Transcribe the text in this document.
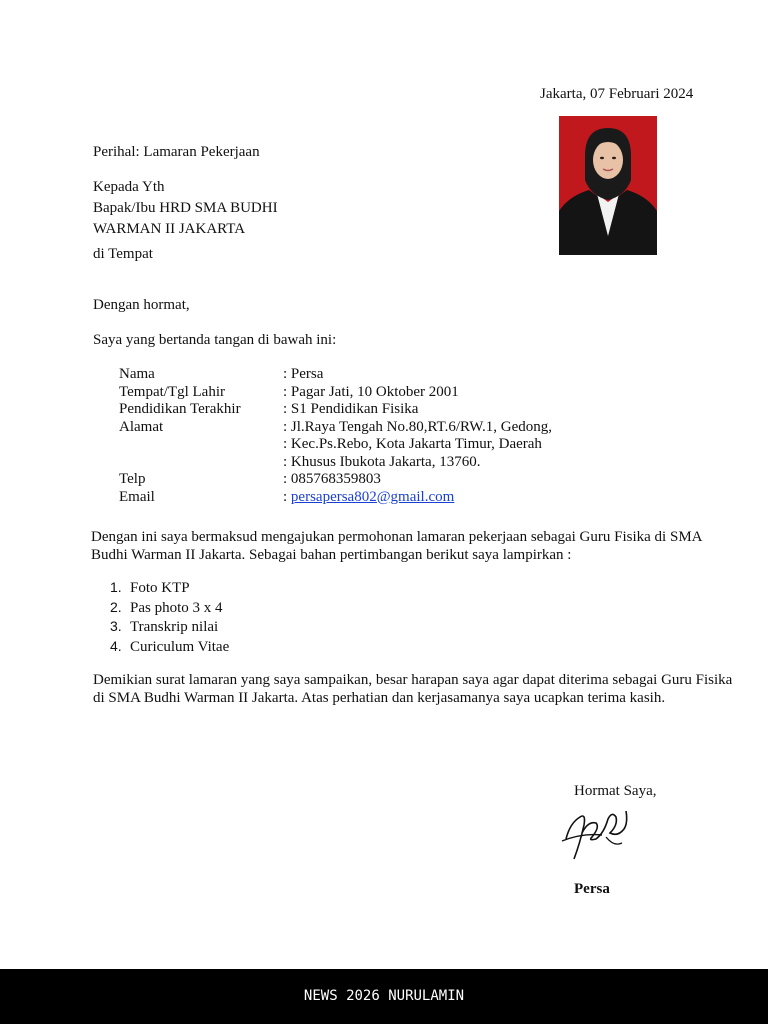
Jakarta, 07 Februari 2024
Perihal: Lamaran Pekerjaan
Kepada Yth
Bapak/Ibu HRD SMA BUDHI
WARMAN II JAKARTA
di Tempat
Dengan hormat,
Saya yang bertanda tangan di bawah ini:
Nama	: Persa
Tempat/Tgl Lahir	: Pagar Jati, 10 Oktober 2001
Pendidikan Terakhir	: S1 Pendidikan Fisika
Alamat	: Jl.Raya Tengah No.80,RT.6/RW.1, Gedong,
	: Kec.Ps.Rebo, Kota Jakarta Timur, Daerah
	: Khusus Ibukota Jakarta, 13760.
Telp	: 085768359803
Email	: persapersa802@gmail.com
Dengan ini saya bermaksud mengajukan permohonan lamaran pekerjaan sebagai Guru Fisika di SMA Budhi Warman II Jakarta. Sebagai bahan pertimbangan berikut saya lampirkan :
1. Foto KTP
2. Pas photo 3 x 4
3. Transkrip nilai
4. Curiculum Vitae
Demikian surat lamaran yang saya sampaikan, besar harapan saya agar dapat diterima sebagai Guru Fisika di SMA Budhi Warman II Jakarta. Atas perhatian dan kerjasamanya saya ucapkan terima kasih.
Hormat Saya,
Persa
NEWS 2026 NURULAMIN
